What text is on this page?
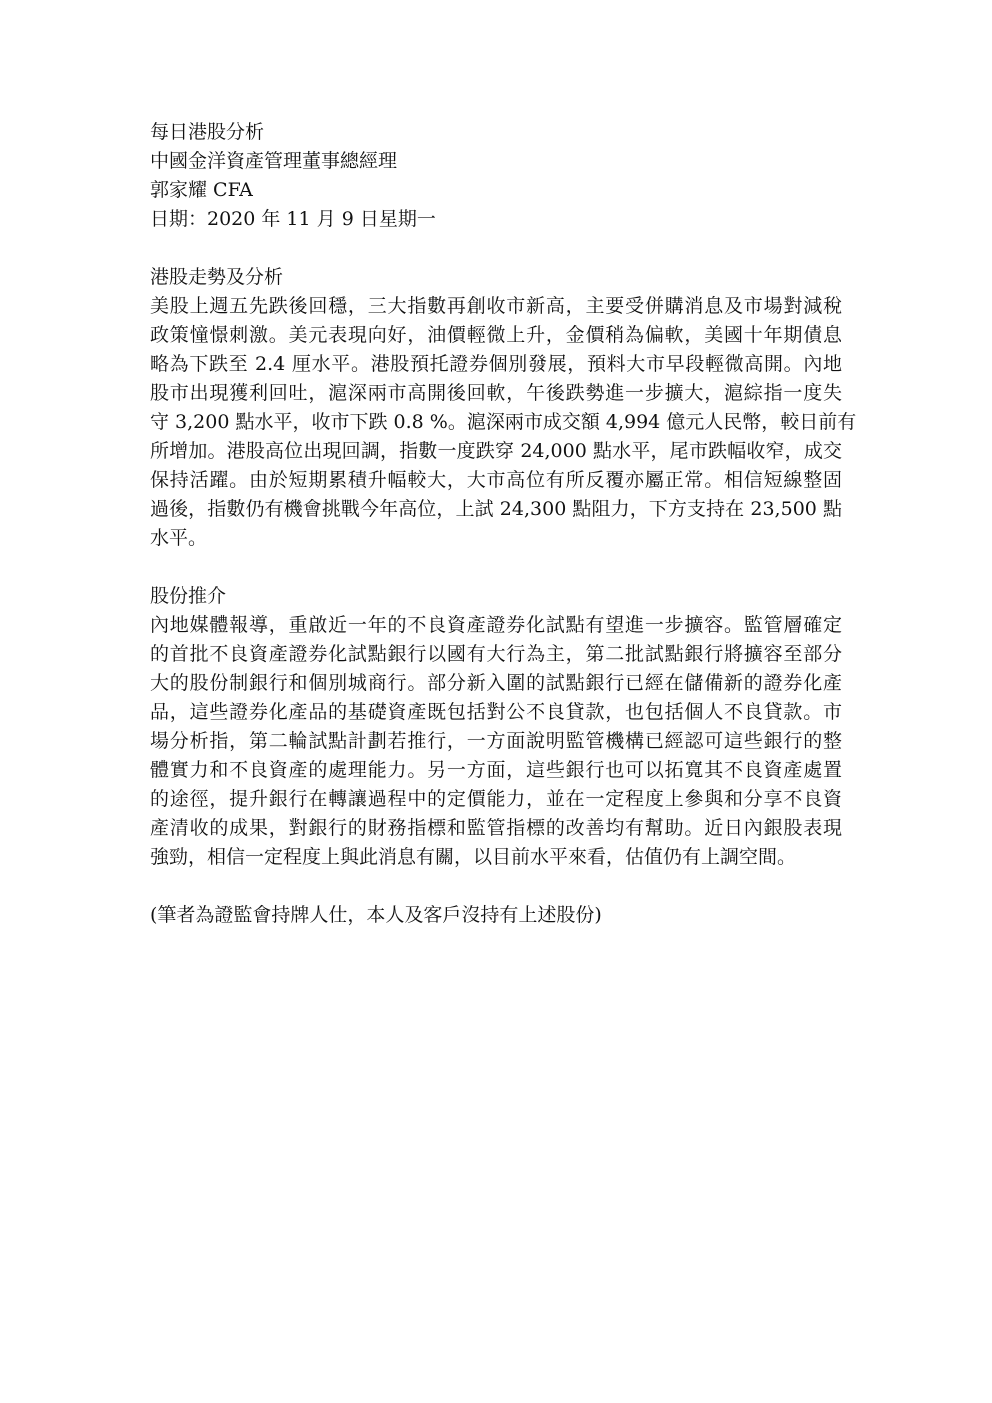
每日港股分析
中國金洋資產管理董事總經理
郭家耀 CFA
日期：2020 年 11 月 9 日星期一
港股走勢及分析
美股上週五先跌後回穩，三大指數再創收市新高，主要受併購消息及市場對減稅
政策憧憬刺激。美元表現向好，油價輕微上升，金價稍為偏軟，美國十年期債息
略為下跌至 2.4 厘水平。港股預托證券個別發展，預料大市早段輕微高開。內地
股市出現獲利回吐，滬深兩市高開後回軟，午後跌勢進一步擴大，滬綜指一度失
守 3,200 點水平，收市下跌 0.8 %。滬深兩市成交額 4,994 億元人民幣，較日前有
所增加。港股高位出現回調，指數一度跌穿 24,000 點水平，尾市跌幅收窄，成交
保持活躍。由於短期累積升幅較大，大市高位有所反覆亦屬正常。相信短線整固
過後，指數仍有機會挑戰今年高位，上試 24,300 點阻力，下方支持在 23,500 點
水平。
股份推介
內地媒體報導，重啟近一年的不良資產證券化試點有望進一步擴容。監管層確定
的首批不良資產證券化試點銀行以國有大行為主，第二批試點銀行將擴容至部分
大的股份制銀行和個別城商行。部分新入圍的試點銀行已經在儲備新的證券化產
品，這些證券化產品的基礎資產既包括對公不良貸款，也包括個人不良貸款。市
場分析指，第二輪試點計劃若推行，一方面說明監管機構已經認可這些銀行的整
體實力和不良資產的處理能力。另一方面，這些銀行也可以拓寬其不良資產處置
的途徑，提升銀行在轉讓過程中的定價能力，並在一定程度上參與和分享不良資
產清收的成果，對銀行的財務指標和監管指標的改善均有幫助。近日內銀股表現
強勁，相信一定程度上與此消息有關，以目前水平來看，估值仍有上調空間。
(筆者為證監會持牌人仕，本人及客戶沒持有上述股份)
